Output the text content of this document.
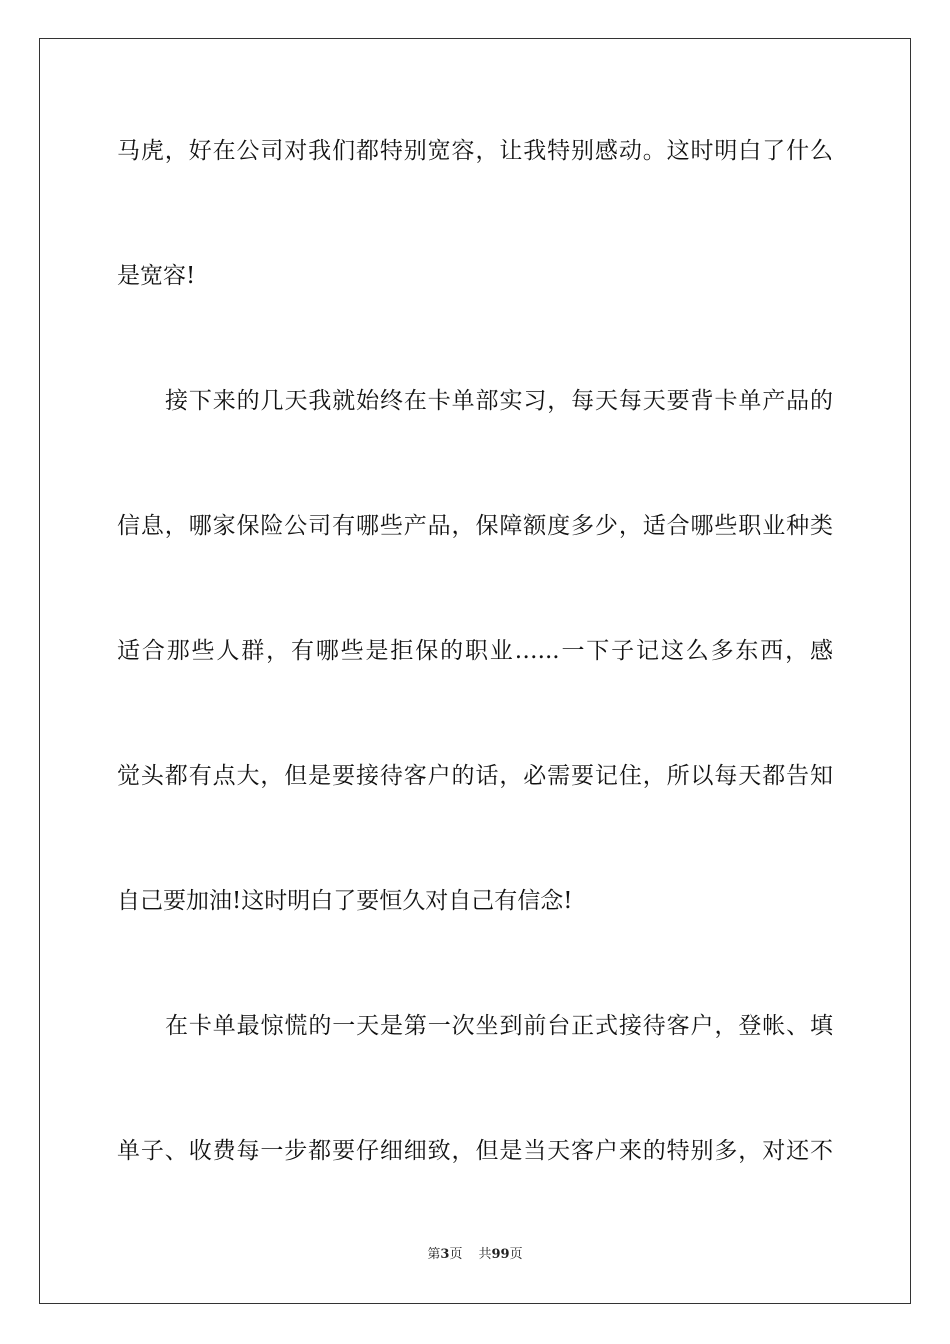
马虎，好在公司对我们都特别宽容，让我特别感动。这时明白了什么
是宽容!
接下来的几天我就始终在卡单部实习，每天每天要背卡单产品的
信息，哪家保险公司有哪些产品，保障额度多少，适合哪些职业种类
适合那些人群，有哪些是拒保的职业…...一下子记这么多东西，感
觉头都有点大，但是要接待客户的话，必需要记住，所以每天都告知
自己要加油!这时明白了要恒久对自己有信念!
在卡单最惊慌的一天是第一次坐到前台正式接待客户，登帐、填
单子、收费每一步都要仔细细致，但是当天客户来的特别多，对还不
第3页 共99页
